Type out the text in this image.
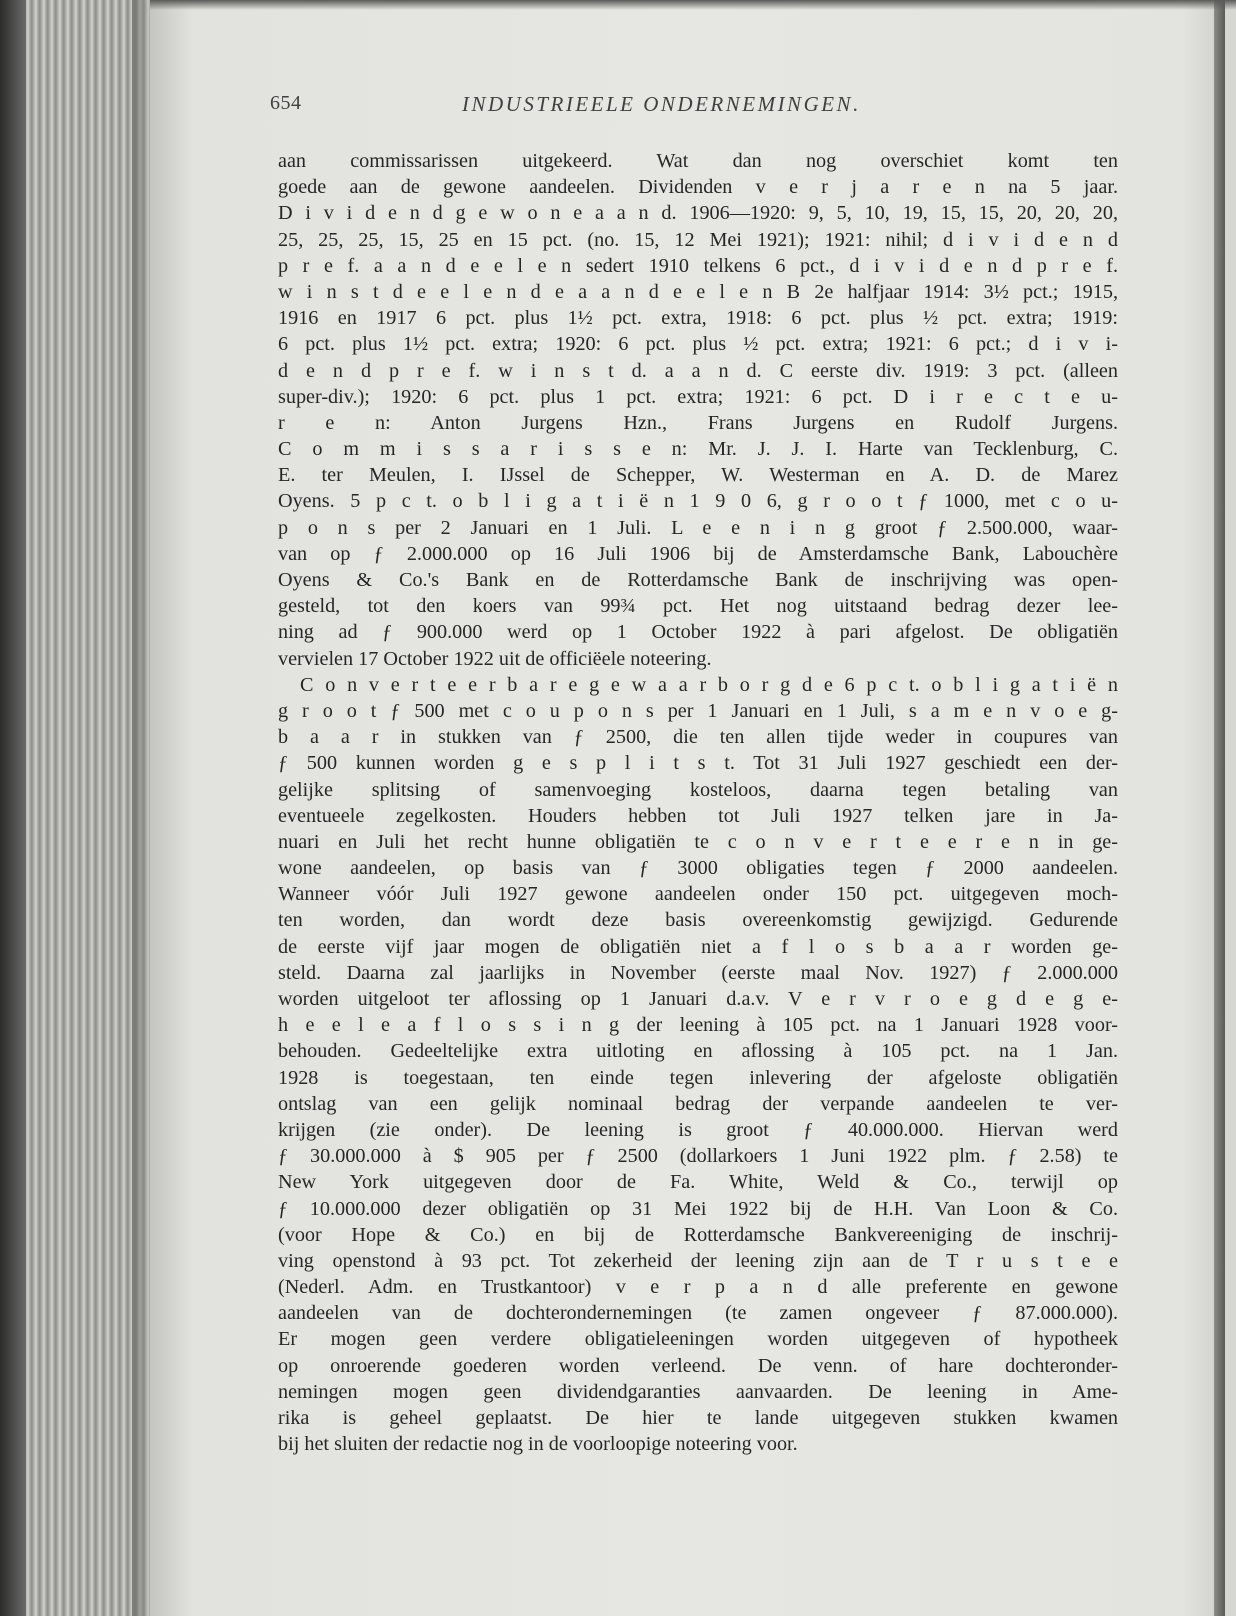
654	INDUSTRIEELE ONDERNEMINGEN.
aan commissarissen uitgekeerd. Wat dan nog overschiet komt ten
goede aan de gewone aandeelen. Dividenden v e r j a r e n na 5 jaar.
D i v i d e n d g e w o n e a a n d. 1906—1920: 9, 5, 10, 19, 15, 15, 20, 20, 20,
25, 25, 25, 15, 25 en 15 pct. (no. 15, 12 Mei 1921); 1921: nihil; d i v i d e n d
p r e f. a a n d e e l e n sedert 1910 telkens 6 pct., d i v i d e n d p r e f.
w i n s t d e e l e n d e a a n d e e l e n B 2e halfjaar 1914: 3½ pct.; 1915,
1916 en 1917 6 pct. plus 1½ pct. extra, 1918: 6 pct. plus ½ pct. extra; 1919:
6 pct. plus 1½ pct. extra; 1920: 6 pct. plus ½ pct. extra; 1921: 6 pct.; d i v i-
d e n d p r e f. w i n s t d. a a n d. C eerste div. 1919: 3 pct. (alleen
super-div.); 1920: 6 pct. plus 1 pct. extra; 1921: 6 pct. D i r e c t e u-
r e n: Anton Jurgens Hzn., Frans Jurgens en Rudolf Jurgens.
C o m m i s s a r i s s e n: Mr. J. J. I. Harte van Tecklenburg, C.
E. ter Meulen, I. IJssel de Schepper, W. Westerman en A. D. de Marez
Oyens. 5 p c t. o b l i g a t i ë n 1 9 0 6, g r o o t ƒ 1000, met c o u-
p o n s per 2 Januari en 1 Juli. L e e n i n g groot ƒ 2.500.000, waar-
van op ƒ 2.000.000 op 16 Juli 1906 bij de Amsterdamsche Bank, Labouchère
Oyens & Co.'s Bank en de Rotterdamsche Bank de inschrijving was open-
gesteld, tot den koers van 99¾ pct. Het nog uitstaand bedrag dezer lee-
ning ad ƒ 900.000 werd op 1 October 1922 à pari afgelost. De obligatiën
vervielen 17 October 1922 uit de officiëele noteering.
C o n v e r t e e r b a r e g e w a a r b o r g d e 6 p c t. o b l i g a t i ë n
g r o o t ƒ 500 met c o u p o n s per 1 Januari en 1 Juli, s a m e n v o e g-
b a a r in stukken van ƒ 2500, die ten allen tijde weder in coupures van
ƒ 500 kunnen worden g e s p l i t s t. Tot 31 Juli 1927 geschiedt een der-
gelijke splitsing of samenvoeging kosteloos, daarna tegen betaling van
eventueele zegelkosten. Houders hebben tot Juli 1927 telken jare in Ja-
nuari en Juli het recht hunne obligatiën te c o n v e r t e e r e n in ge-
wone aandeelen, op basis van ƒ 3000 obligaties tegen ƒ 2000 aandeelen.
Wanneer vóór Juli 1927 gewone aandeelen onder 150 pct. uitgegeven moch-
ten worden, dan wordt deze basis overeenkomstig gewijzigd. Gedurende
de eerste vijf jaar mogen de obligatiën niet a f l o s b a a r worden ge-
steld. Daarna zal jaarlijks in November (eerste maal Nov. 1927) ƒ 2.000.000
worden uitgeloot ter aflossing op 1 Januari d.a.v. V e r v r o e g d e g e-
h e e l e a f l o s s i n g der leening à 105 pct. na 1 Januari 1928 voor-
behouden. Gedeeltelijke extra uitloting en aflossing à 105 pct. na 1 Jan.
1928 is toegestaan, ten einde tegen inlevering der afgeloste obligatiën
ontslag van een gelijk nominaal bedrag der verpande aandeelen te ver-
krijgen (zie onder). De leening is groot ƒ 40.000.000. Hiervan werd
ƒ 30.000.000 à $ 905 per ƒ 2500 (dollarkoers 1 Juni 1922 plm. ƒ 2.58) te
New York uitgegeven door de Fa. White, Weld & Co., terwijl op
ƒ 10.000.000 dezer obligatiën op 31 Mei 1922 bij de H.H. Van Loon & Co.
(voor Hope & Co.) en bij de Rotterdamsche Bankvereeniging de inschrij-
ving openstond à 93 pct. Tot zekerheid der leening zijn aan de T r u s t e e
(Nederl. Adm. en Trustkantoor) v e r p a n d alle preferente en gewone
aandeelen van de dochterondernemingen (te zamen ongeveer ƒ 87.000.000).
Er mogen geen verdere obligatieleeningen worden uitgegeven of hypotheek
op onroerende goederen worden verleend. De venn. of hare dochteronder-
nemingen mogen geen dividendgaranties aanvaarden. De leening in Ame-
rika is geheel geplaatst. De hier te lande uitgegeven stukken kwamen
bij het sluiten der redactie nog in de voorloopige noteering voor.
